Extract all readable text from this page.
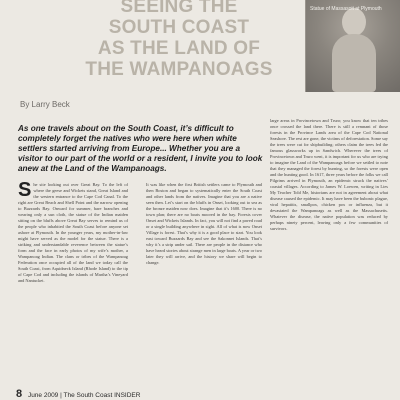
SEEING THE
SOUTH COAST
AS THE LAND OF
THE WAMPANOAGS
Statue of Massasoit at Plymouth
By Larry Beck
As one travels about on the South Coast, it’s difficult to completely forget the natives who were here when white settlers started arriving from Europe... Whether you are a visitor to our part of the world or a resident, I invite you to look anew at the Land of the Wampanoags.
S he site looking out over Great Bay. To the left of where the geese and Wickets stand, Great Island and the western entrance to the Cape Cod Canal. To the right are Great Beach and Shell Point and the narrow opening to Buzzards Bay. Onward for summer, bare branches and wearing only a sun cloth, the statue of the Indian maiden sitting on the bluffs above Great Bay serves to remind us of the people who inhabited the South Coast before anyone set ashore at Plymouth. In the younger years, my mother-in-law might have served as the model for the statue. There is a striking and understandable reverence between the statue’s form and the face in early photos of my wife’s mother, a Wampanoag Indian. The clans or tribes of the Wampanoag Federation once occupied all of the land we today call the South Coast, from Aquidneck Island (Rhode Island) to the tip of Cape Cod and including the islands of Martha’s Vineyard and Nantucket.
It was like when the first British settlers came to Plymouth and then Boston and began to systematically enter the South Coast and other lands from the natives. Imagine that you are a native seen then. Let’s start on the bluffs in Onset, looking out to sea as the bronze maiden now does. Imagine that it’s 1600. There is no town plan; there are no boats moored in the bay. Forests cover Onset and Wickets Islands. In fact, you will not find a paved road or a single building anywhere in sight. All of what is now Onset Village is forest. That’s why it is a good place to start. You look east toward Buzzards Bay and see the Sakonnet Islands. That’s why it’s a strip under sail. There are people in the distance who have heard stories about strange men in large boats. A year or two later they will arrive, and the history we share will begin to change.
large areas in Provincetown and Truro; you know that ten tribes once crossed the land there. There is still a remnant of those forests in the Province Lands area of the Cape Cod National Seashore. The rest are gone, the victims of deforestation. Some say the trees were cut for shipbuilding; others claim the trees fed the famous glassworks up in Sandwich. Wherever the trees of Provincetown and Truro went, it is important for us who are trying to imagine the Land of the Wampanoags before we settled to note that they managed the forest by burning, so the forests were open and the hunting good. In 1617, three years before the folks we call Pilgrims arrived in Plymouth, an epidemic struck the natives’ coastal villages. According to James W. Loewen, writing in Lies My Teacher Told Me, historians are not in agreement about what disease caused the epidemic. It may have been the bubonic plague, viral hepatitis, smallpox, chicken pox or influenza, but it devastated the Wampanoags as well as the Massachusetts. Whatever the disease, the native population was reduced by perhaps ninety percent, leaving only a few communities of survivors.
8 June 2009 | The South Coast INSIDER
